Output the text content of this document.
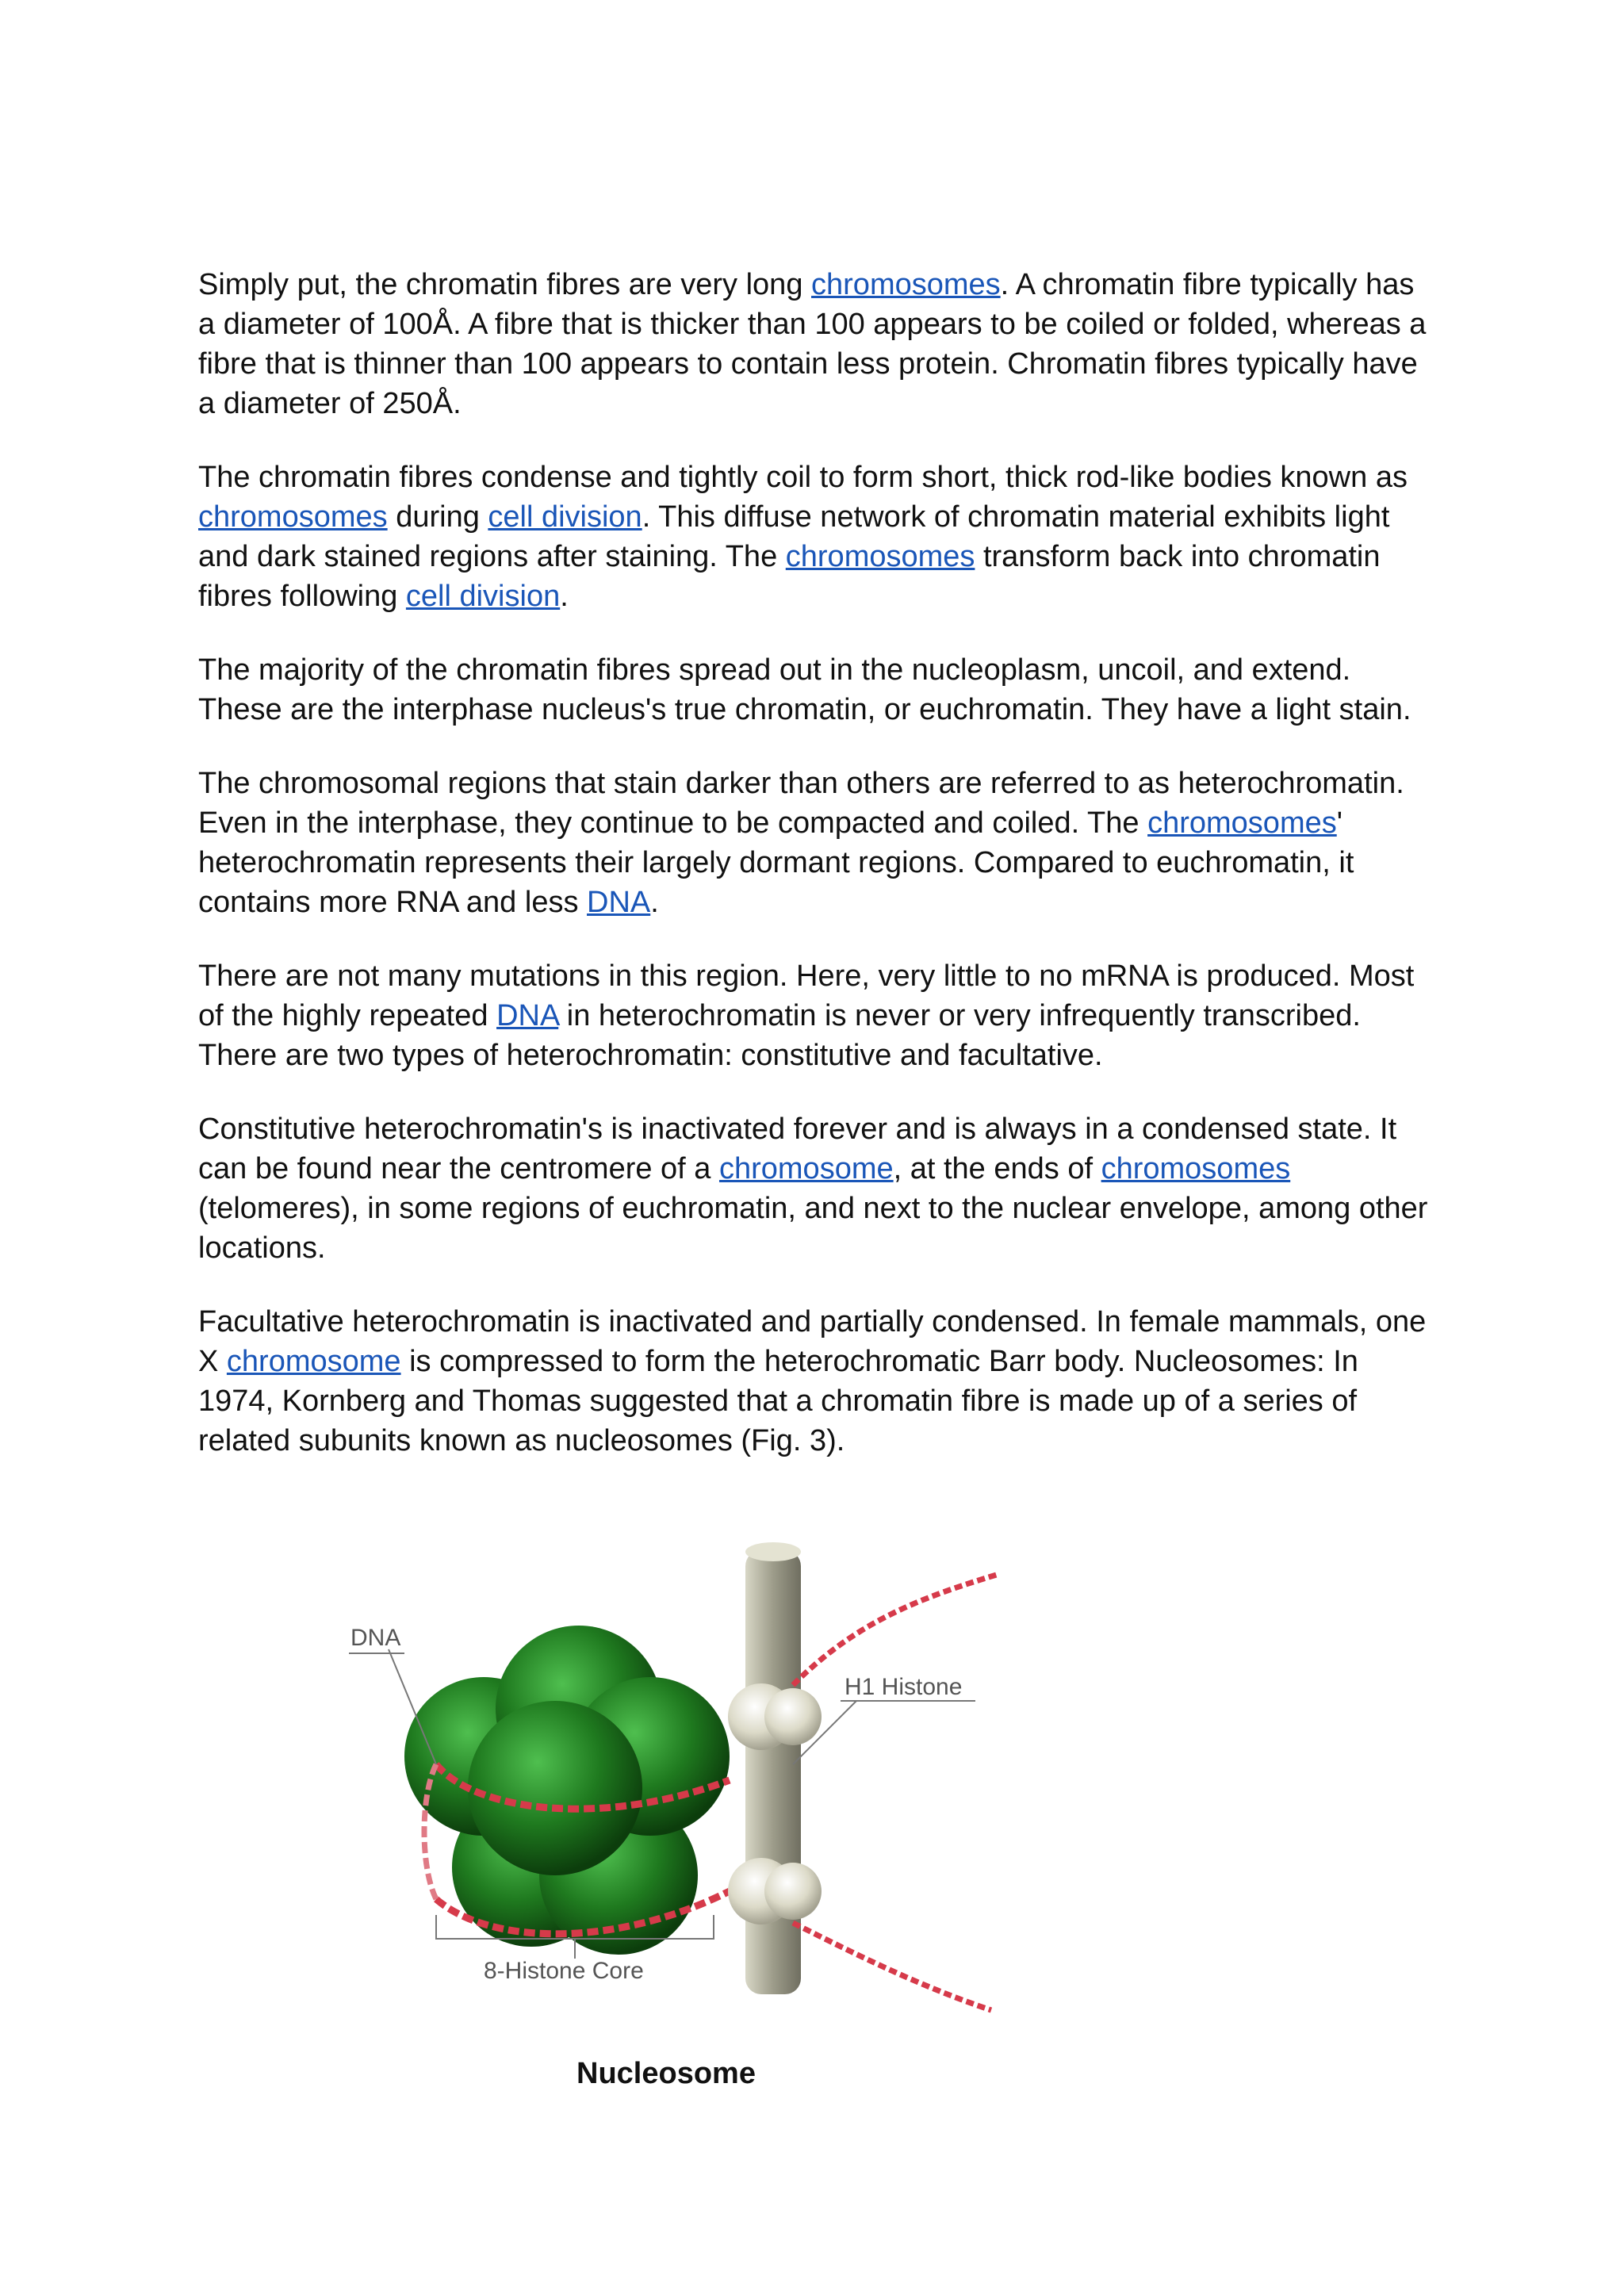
Simply put, the chromatin fibres are very long chromosomes. A chromatin fibre typically has a diameter of 100Å. A fibre that is thicker than 100 appears to be coiled or folded, whereas a fibre that is thinner than 100 appears to contain less protein. Chromatin fibres typically have a diameter of 250Å.

The chromatin fibres condense and tightly coil to form short, thick rod-like bodies known as chromosomes during cell division. This diffuse network of chromatin material exhibits light and dark stained regions after staining. The chromosomes transform back into chromatin fibres following cell division.

The majority of the chromatin fibres spread out in the nucleoplasm, uncoil, and extend. These are the interphase nucleus's true chromatin, or euchromatin. They have a light stain.

The chromosomal regions that stain darker than others are referred to as heterochromatin. Even in the interphase, they continue to be compacted and coiled. The chromosomes' heterochromatin represents their largely dormant regions. Compared to euchromatin, it contains more RNA and less DNA.

There are not many mutations in this region. Here, very little to no mRNA is produced. Most of the highly repeated DNA in heterochromatin is never or very infrequently transcribed. There are two types of heterochromatin: constitutive and facultative.

Constitutive heterochromatin's is inactivated forever and is always in a condensed state. It can be found near the centromere of a chromosome, at the ends of chromosomes (telomeres), in some regions of euchromatin, and next to the nuclear envelope, among other locations.

Facultative heterochromatin is inactivated and partially condensed. In female mammals, one X chromosome is compressed to form the heterochromatic Barr body. Nucleosomes: In 1974, Kornberg and Thomas suggested that a chromatin fibre is made up of a series of related subunits known as nucleosomes (Fig. 3).

DNA
H1 Histone
8-Histone Core
Nucleosome
